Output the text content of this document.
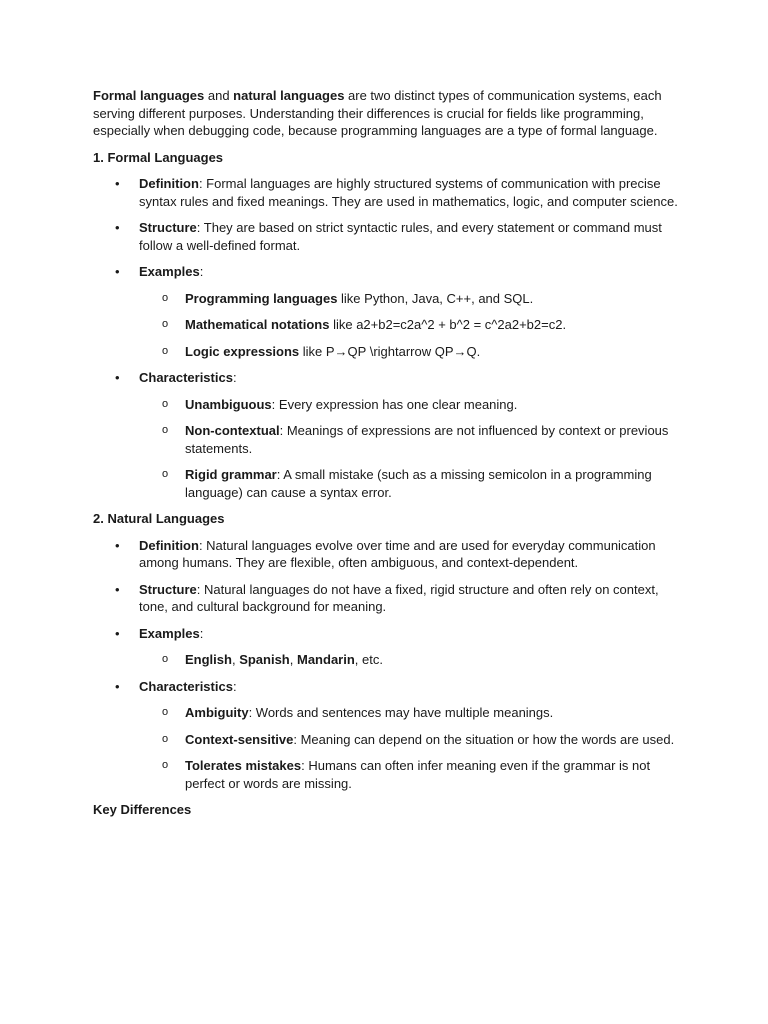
Formal languages and natural languages are two distinct types of communication systems, each serving different purposes. Understanding their differences is crucial for fields like programming, especially when debugging code, because programming languages are a type of formal language.

1. Formal Languages

• Definition: Formal languages are highly structured systems of communication with precise syntax rules and fixed meanings. They are used in mathematics, logic, and computer science.
• Structure: They are based on strict syntactic rules, and every statement or command must follow a well-defined format.
• Examples:
o Programming languages like Python, Java, C++, and SQL.
o Mathematical notations like a2+b2=c2a^2 + b^2 = c^2a2+b2=c2.
o Logic expressions like P→QP \rightarrow QP→Q.
• Characteristics:
o Unambiguous: Every expression has one clear meaning.
o Non-contextual: Meanings of expressions are not influenced by context or previous statements.
o Rigid grammar: A small mistake (such as a missing semicolon in a programming language) can cause a syntax error.

2. Natural Languages

• Definition: Natural languages evolve over time and are used for everyday communication among humans. They are flexible, often ambiguous, and context-dependent.
• Structure: Natural languages do not have a fixed, rigid structure and often rely on context, tone, and cultural background for meaning.
• Examples:
o English, Spanish, Mandarin, etc.
• Characteristics:
o Ambiguity: Words and sentences may have multiple meanings.
o Context-sensitive: Meaning can depend on the situation or how the words are used.
o Tolerates mistakes: Humans can often infer meaning even if the grammar is not perfect or words are missing.

Key Differences
